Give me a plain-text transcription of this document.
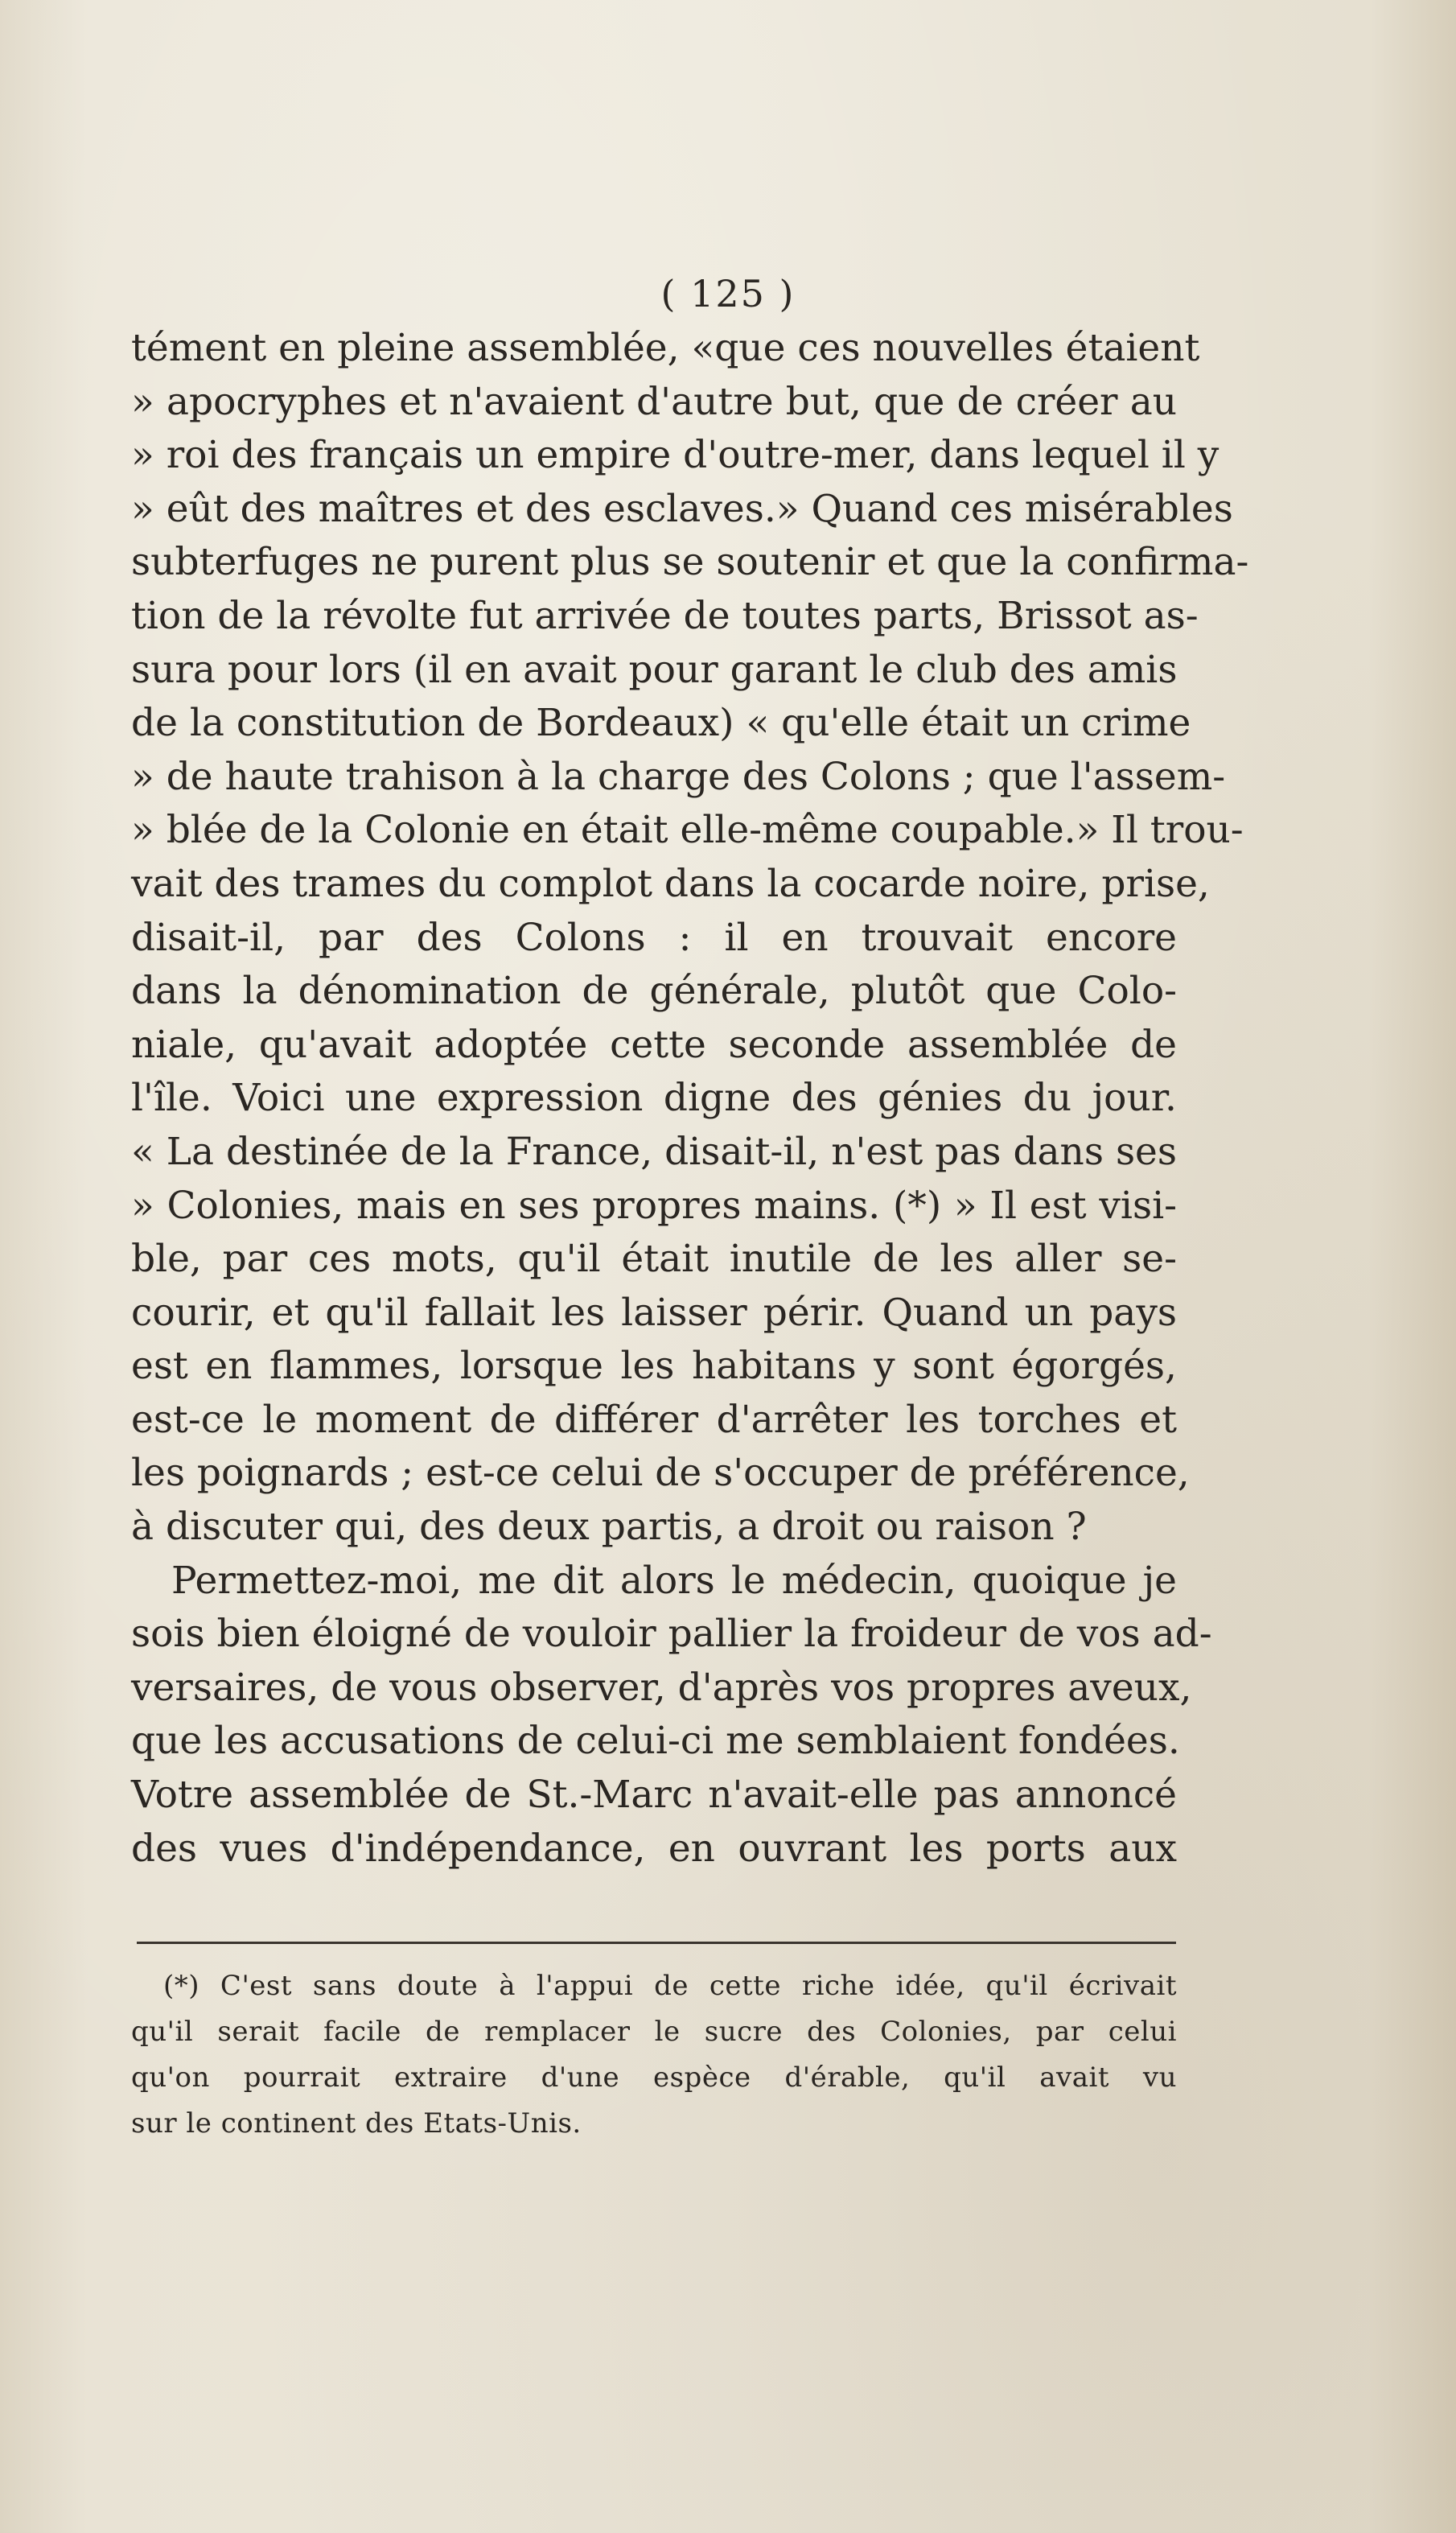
( 125 )
tément en pleine assemblée, «que ces nouvelles étaient
» apocryphes et n'avaient d'autre but, que de créer au
» roi des français un empire d'outre-mer, dans lequel il y
» eût des maîtres et des esclaves.» Quand ces misérables
subterfuges ne purent plus se soutenir et que la confirma-
tion de la révolte fut arrivée de toutes parts, Brissot as-
sura pour lors (il en avait pour garant le club des amis
de la constitution de Bordeaux) « qu'elle était un crime
» de haute trahison à la charge des Colons ; que l'assem-
» blée de la Colonie en était elle-même coupable.» Il trou-
vait des trames du complot dans la cocarde noire, prise,
disait-il, par des Colons : il en trouvait encore
dans la dénomination de générale, plutôt que Colo-
niale, qu'avait adoptée cette seconde assemblée de
l'île. Voici une expression digne des génies du jour.
« La destinée de la France, disait-il, n'est pas dans ses
» Colonies, mais en ses propres mains. (*) » Il est visi-
ble, par ces mots, qu'il était inutile de les aller se-
courir, et qu'il fallait les laisser périr. Quand un pays
est en flammes, lorsque les habitans y sont égorgés,
est-ce le moment de différer d'arrêter les torches et
les poignards ; est-ce celui de s'occuper de préférence,
à discuter qui, des deux partis, a droit ou raison ?
Permettez-moi, me dit alors le médecin, quoique je
sois bien éloigné de vouloir pallier la froideur de vos ad-
versaires, de vous observer, d'après vos propres aveux,
que les accusations de celui-ci me semblaient fondées.
Votre assemblée de St.-Marc n'avait-elle pas annoncé
des vues d'indépendance, en ouvrant les ports aux
(*) C'est sans doute à l'appui de cette riche idée, qu'il écrivait
qu'il serait facile de remplacer le sucre des Colonies, par celui
qu'on pourrait extraire d'une espèce d'érable, qu'il avait vu
sur le continent des Etats-Unis.
